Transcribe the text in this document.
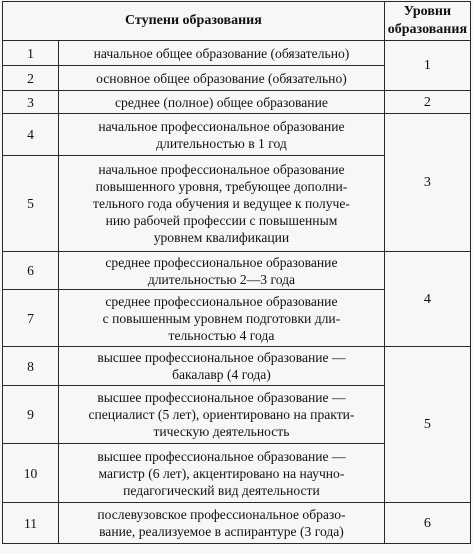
Ступени образования		Уровни
образования

1	начальное общее образование (обязательно)	1
2	основное общее образование (обязательно)	

3	среднее (полное) общее образование	2
4	начальное профессиональное образование
длительностью в 1 год	3
5	начальное профессиональное образование
повышенного уровня, требующее дополни-
тельного года обучения и ведущее к получе-
нию рабочей профессии с повышенным
уровнем квалификации	

6	среднее профессиональное образование
длительностью 2—3 года	4
7	среднее профессиональное образование
с повышенным уровнем подготовки дли-
тельностью 4 года	

8	высшее профессиональное образование —
бакалавр (4 года)	5
9	высшее профессиональное образование —
специалист (5 лет), ориентировано на практи-
тическую деятельность	

10	высшее профессиональное образование —
магистр (6 лет), акцентировано на научно-
педагогический вид деятельности	

11	послевузовское профессиональное образо-
вание, реализуемое в аспирантуре (3 года)	6
